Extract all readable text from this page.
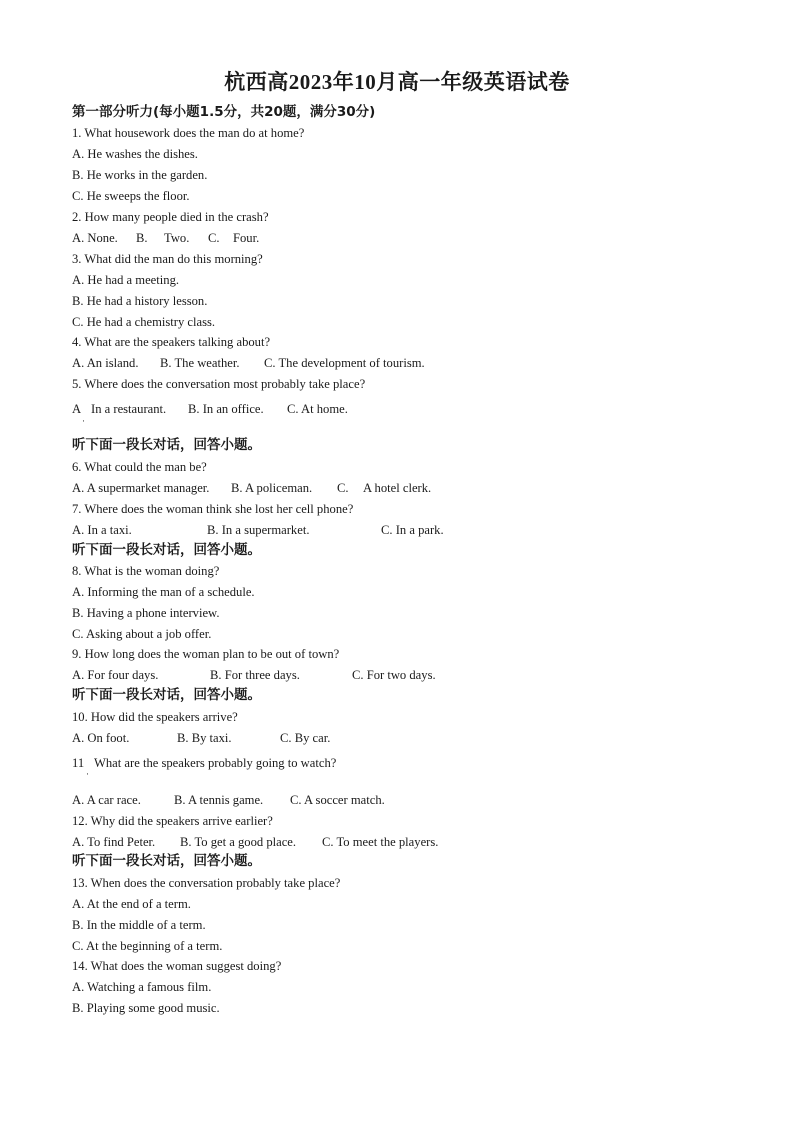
杭西高2023年10月高一年级英语试卷
第一部分听力(每小题1.5分，共20题，满分30分)
1. What housework does the man do at home?
A. He washes the dishes.
B. He works in the garden.
C. He sweeps the floor.
2. How many people died in the crash?
A. None. B. Two. C. Four.
3. What did the man do this morning?
A. He had a meeting.
B. He had a history lesson.
C. He had a chemistry class.
4. What are the speakers talking about?
A. An island. B. The weather. C. The development of tourism.
5. Where does the conversation most probably take place?
A In a restaurant. B. In an office. C. At home.
·
听下面一段长对话，回答小题。
6. What could the man be?
A. A supermarket manager. B. A policeman. C. A hotel clerk.
7. Where does the woman think she lost her cell phone?
A. In a taxi.	B. In a supermarket.	C. In a park.
听下面一段长对话，回答小题。
8. What is the woman doing?
A. Informing the man of a schedule.
B. Having a phone interview.
C. Asking about a job offer.
9. How long does the woman plan to be out of town?
A. For four days.	B. For three days.	C. For two days.
听下面一段长对话，回答小题。
10. How did the speakers arrive?
A. On foot.	B. By taxi.	C. By car.
11 What are the speakers probably going to watch?
·
A. A car race.	B. A tennis game. C. A soccer match.
12. Why did the speakers arrive earlier?
A. To find Peter. B. To get a good place. C. To meet the players.
听下面一段长对话，回答小题。
13. When does the conversation probably take place?
A. At the end of a term.
B. In the middle of a term.
C. At the beginning of a term.
14. What does the woman suggest doing?
A. Watching a famous film.
B. Playing some good music.
